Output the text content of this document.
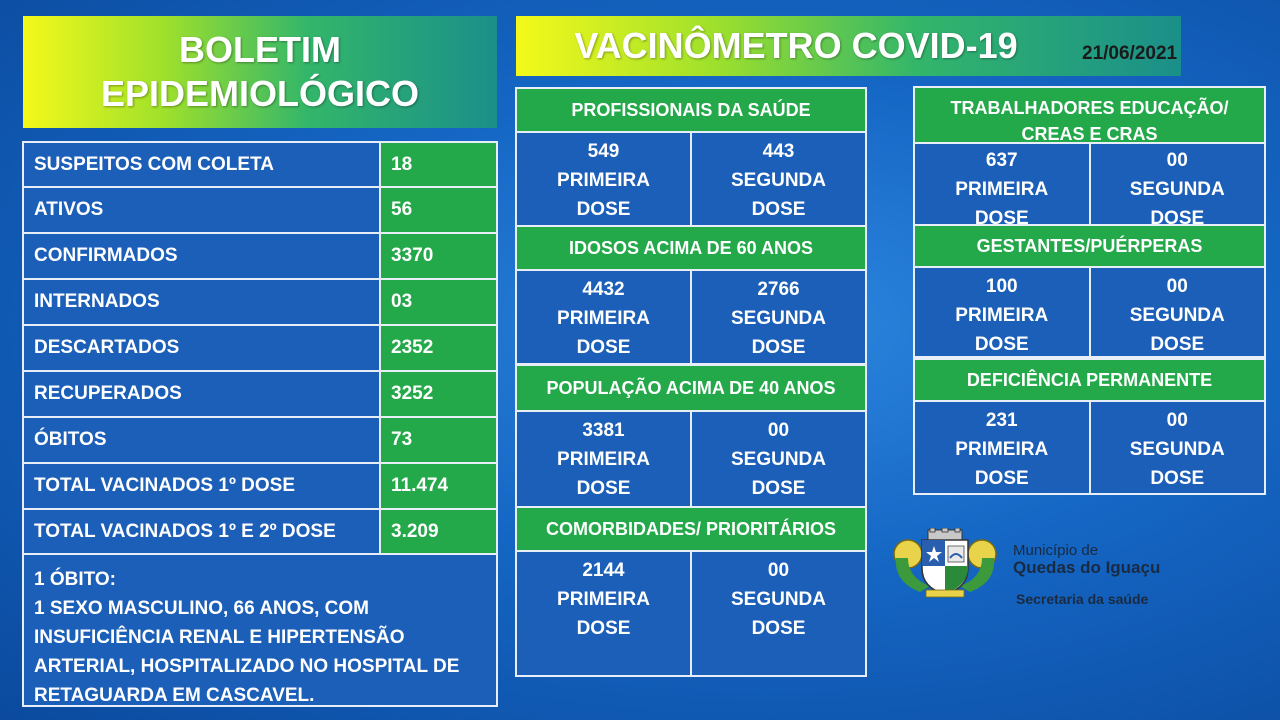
BOLETIM
EPIDEMIOLÓGICO
VACINÔMETRO COVID-19	21/06/2021
SUSPEITOS COM COLETA	18
ATIVOS	56
CONFIRMADOS	3370
INTERNADOS	03
DESCARTADOS	2352
RECUPERADOS	3252
ÓBITOS	73
TOTAL VACINADOS 1º DOSE	11.474
TOTAL VACINADOS 1º E 2º DOSE	3.209
1 ÓBITO:
1 SEXO MASCULINO, 66 ANOS, COM
INSUFICIÊNCIA RENAL E HIPERTENSÃO
ARTERIAL, HOSPITALIZADO NO HOSPITAL DE
RETAGUARDA EM CASCAVEL.
PROFISSIONAIS DA SAÚDE
549
PRIMEIRA
DOSE
443
SEGUNDA
DOSE
IDOSOS ACIMA DE 60 ANOS
4432
PRIMEIRA
DOSE
2766
SEGUNDA
DOSE
POPULAÇÃO ACIMA DE 40 ANOS
3381
PRIMEIRA
DOSE
00
SEGUNDA
DOSE
COMORBIDADES/ PRIORITÁRIOS
2144
PRIMEIRA
DOSE
00
SEGUNDA
DOSE
TRABALHADORES EDUCAÇÃO/
CREAS E CRAS
637
PRIMEIRA
DOSE
00
SEGUNDA
DOSE
GESTANTES/PUÉRPERAS
100
PRIMEIRA
DOSE
00
SEGUNDA
DOSE
DEFICIÊNCIA PERMANENTE
231
PRIMEIRA
DOSE
00
SEGUNDA
DOSE
Município de
Quedas do Iguaçu
Secretaria da saúde
